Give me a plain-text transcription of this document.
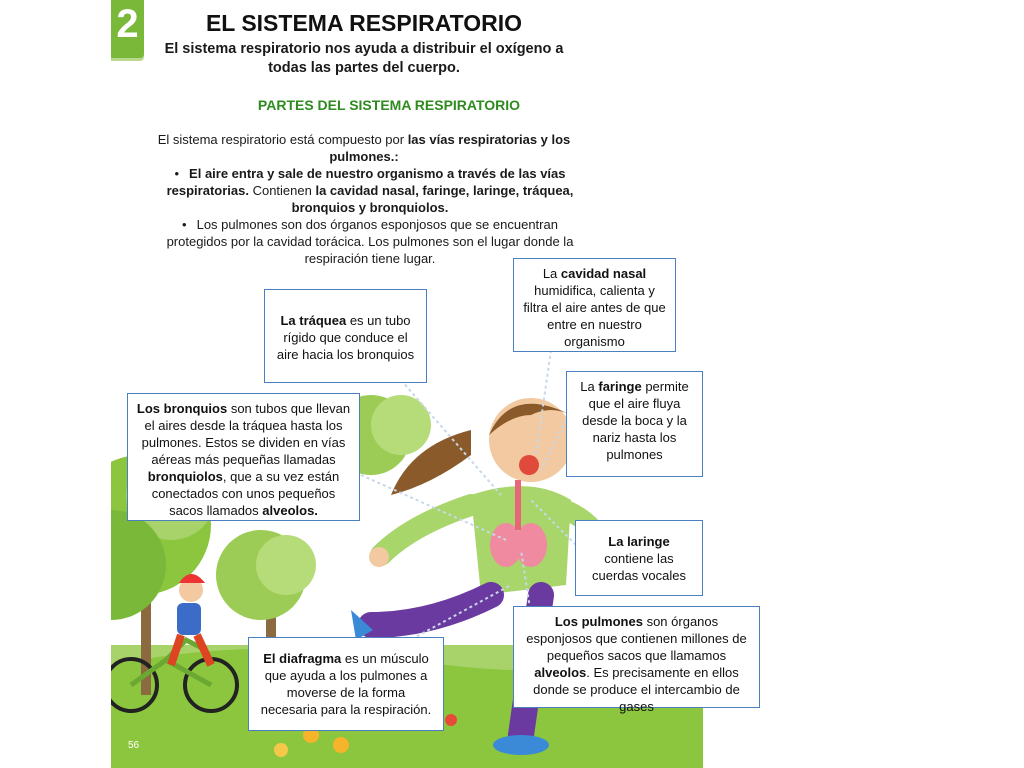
2	EL SISTEMA RESPIRATORIO
El sistema respiratorio nos ayuda a distribuir el oxígeno a todas las partes del cuerpo.
PARTES DEL SISTEMA RESPIRATORIO
El sistema respiratorio está compuesto por las vías respiratorias y los pulmones.:

• El aire entra y sale de nuestro organismo a través de las vías respiratorias. Contienen la cavidad nasal, faringe, laringe, tráquea, bronquios y bronquiolos.

• Los pulmones son dos órganos esponjosos que se encuentran protegidos por la cavidad torácica. Los pulmones son el lugar donde la respiración tiene lugar.

La cavidad nasal humidifica, calienta y filtra el aire antes de que entre en nuestro organismo
La tráquea es un tubo rígido que conduce el aire hacia los bronquios
La faringe permite que el aire fluya desde la boca y la nariz hasta los pulmones
Los bronquios son tubos que llevan el aires desde la tráquea hasta los pulmones. Estos se dividen en vías aéreas más pequeñas llamadas bronquiolos, que a su vez están conectados con unos pequeños sacos llamados alveolos.
La laringe contiene las cuerdas vocales
Los pulmones son órganos esponjosos que contienen millones de pequeños sacos que llamamos alveolos. Es precisamente en ellos donde se produce el intercambio de gases
El diafragma es un músculo que ayuda a los pulmones a moverse de la forma necesaria para la respiración.
56
